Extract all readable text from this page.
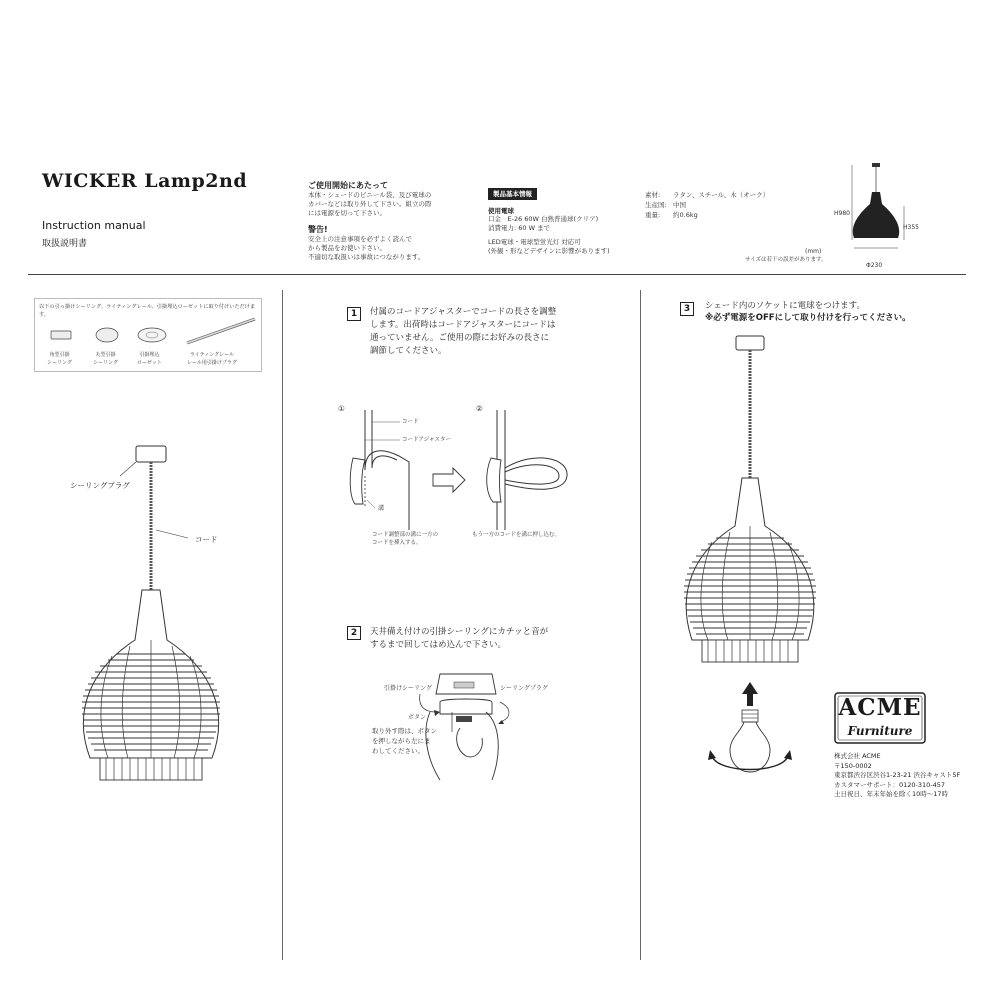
WICKER Lamp2nd
Instruction manual
取扱説明書
ご使用開始にあたって
本体・シェードのビニール袋、及び電球の
カバーなどは取り外して下さい。組立の際
には電源を切って下さい。
警告!
安全上の注意事項を必ずよく読んで
から製品をお使い下さい。
不適切な取扱いは事故につながります。
製品基本情報
使用電球
口金　E-26 60W 白熱普通球(クリア)
消費電力: 60 W まで
LED電球・電球型蛍光灯 対応可
(外観・形などデザインに影響があります)
素材: ラタン、スチール、木（オーク）
生産国: 中国
重量: 約0.6kg
(mm)
サイズは若干の誤差があります。
H980
H355
Φ230
以下の引っ掛けシーリング、ライティングレール、引掛埋込ローゼットに取り付けいただけます。
角型引掛
シーリング
丸型引掛
シーリング
引掛埋込
ローゼット
ライティングレール
レール用引掛けプラグ
シーリングプラグ
コード
1	付属のコードアジャスターでコードの長さを調整
します。出荷時はコードアジャスターにコードは
通っていません。ご使用の際にお好みの長さに
調節してください。
①	②
コード
コードアジャスター
溝
コード調整部の溝に一方の
コードを挿入する。
もう一方のコードを溝に押し込む。
2	天井備え付けの引掛シーリングにカチッと音が
するまで回してはめ込んで下さい。
引掛けシーリング	シーリングプラグ
ボタン
取り外す際は、ボタン
を押しながら左にま
わしてください。
3	シェード内のソケットに電球をつけます。
※必ず電源をOFFにして取り付けを行ってください。
ACME
Furniture
株式会社 ACME
〒150-0002
東京都渋谷区渋谷1-23-21 渋谷キャスト5F
カスタマーサポート：0120-310-457
土日祝日、年末年始を除く10時〜17時
